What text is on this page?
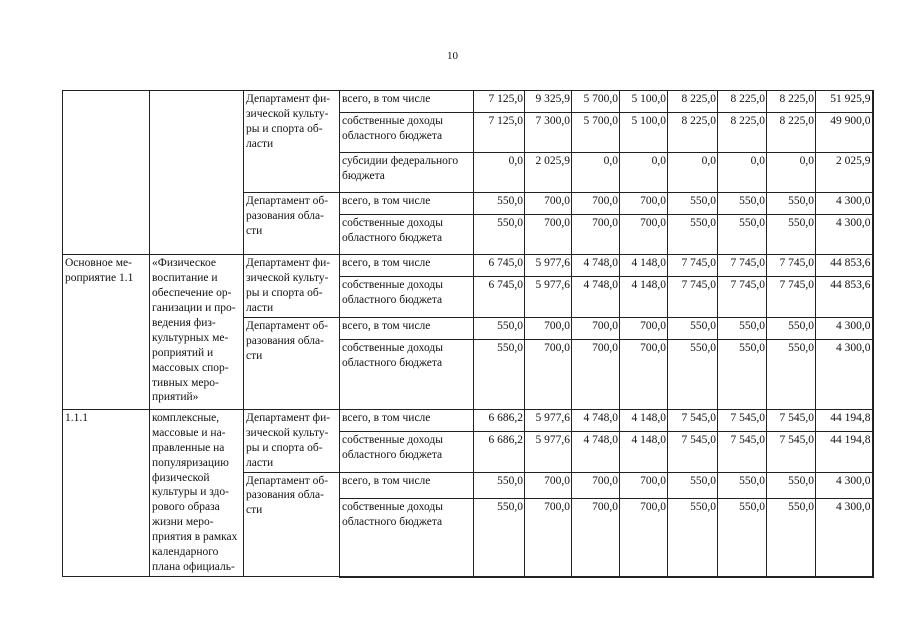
10
		Департамент фи-зической культу-ры и спорта об-ласти	всего, в том числе	7 125,0	9 325,9	5 700,0	5 100,0	8 225,0	8 225,0	8 225,0	51 925,9
			собственные доходы областного бюджета	7 125,0	7 300,0	5 700,0	5 100,0	8 225,0	8 225,0	8 225,0	49 900,0
			субсидии федерального бюджета	0,0	2 025,9	0,0	0,0	0,0	0,0	0,0	2 025,9
		Департамент об-разования обла-сти	всего, в том числе	550,0	700,0	700,0	700,0	550,0	550,0	550,0	4 300,0
			собственные доходы областного бюджета	550,0	700,0	700,0	700,0	550,0	550,0	550,0	4 300,0
Основное ме-роприятие 1.1	«Физическое воспитание и обеспечение ор-ганизации и про-ведения физ-культурных ме-роприятий и массовых спор-тивных меро-приятий»	Департамент фи-зической культу-ры и спорта об-ласти	всего, в том числе	6 745,0	5 977,6	4 748,0	4 148,0	7 745,0	7 745,0	7 745,0	44 853,6
			собственные доходы областного бюджета	6 745,0	5 977,6	4 748,0	4 148,0	7 745,0	7 745,0	7 745,0	44 853,6
		Департамент об-разования обла-сти	всего, в том числе	550,0	700,0	700,0	700,0	550,0	550,0	550,0	4 300,0
			собственные доходы областного бюджета	550,0	700,0	700,0	700,0	550,0	550,0	550,0	4 300,0
1.1.1	комплексные, массовые и на-правленные на популяризацию физической культуры и здо-рового образа жизни меро-приятия в рамках календарного плана официаль-	Департамент фи-зической культу-ры и спорта об-ласти	всего, в том числе	6 686,2	5 977,6	4 748,0	4 148,0	7 545,0	7 545,0	7 545,0	44 194,8
			собственные доходы областного бюджета	6 686,2	5 977,6	4 748,0	4 148,0	7 545,0	7 545,0	7 545,0	44 194,8
		Департамент об-разования обла-сти	всего, в том числе	550,0	700,0	700,0	700,0	550,0	550,0	550,0	4 300,0
			собственные доходы областного бюджета	550,0	700,0	700,0	700,0	550,0	550,0	550,0	4 300,0
